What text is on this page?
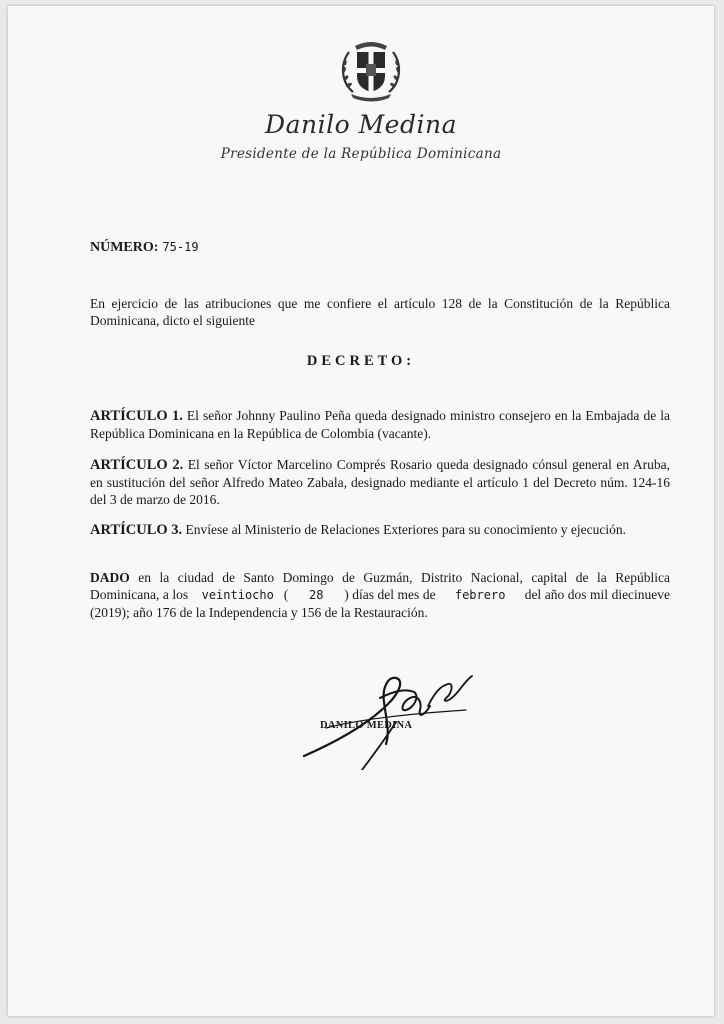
Danilo Medina
Presidente de la República Dominicana
NÚMERO: 75-19
En ejercicio de las atribuciones que me confiere el artículo 128 de la Constitución de la República Dominicana, dicto el siguiente
DECRETO:
ARTÍCULO 1. El señor Johnny Paulino Peña queda designado ministro consejero en la Embajada de la República Dominicana en la República de Colombia (vacante).
ARTÍCULO 2. El señor Víctor Marcelino Comprés Rosario queda designado cónsul general en Aruba, en sustitución del señor Alfredo Mateo Zabala, designado mediante el artículo 1 del Decreto núm. 124-16 del 3 de marzo de 2016.
ARTÍCULO 3. Envíese al Ministerio de Relaciones Exteriores para su conocimiento y ejecución.
DADO en la ciudad de Santo Domingo de Guzmán, Distrito Nacional, capital de la República Dominicana, a los veintiocho ( 28 ) días del mes de febrero del año dos mil diecinueve (2019); año 176 de la Independencia y 156 de la Restauración.
DANILO MEDINA
